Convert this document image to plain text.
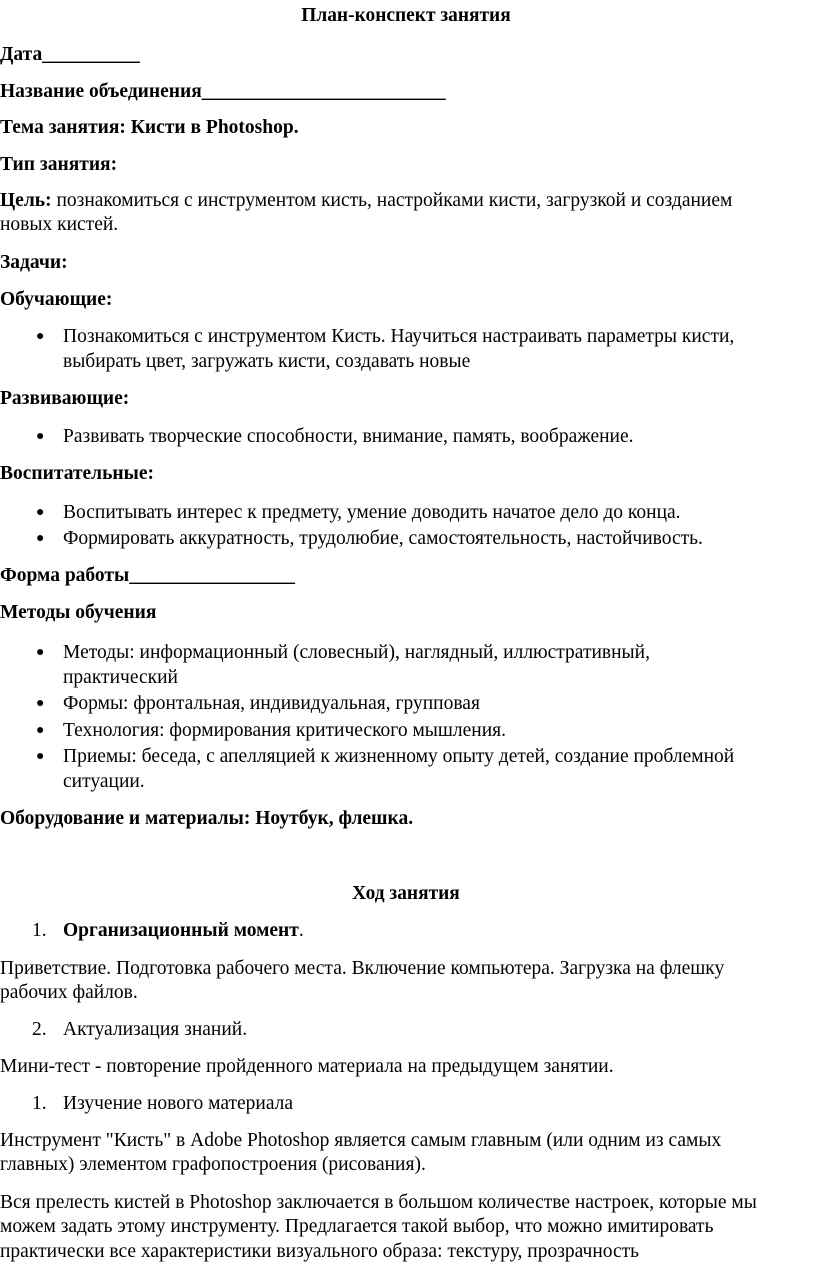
План-конспект занятия
Дата__________
Название объединения_________________________
Тема занятия: Кисти в Photoshop.
Тип занятия:
Цель: познакомиться с инструментом кисть, настройками кисти, загрузкой и созданием
новых кистей.
Задачи:
Обучающие:
● Познакомиться с инструментом Кисть. Научиться настраивать параметры кисти,
выбирать цвет, загружать кисти, создавать новые
Развивающие:
● Развивать творческие способности, внимание, память, воображение.
Воспитательные:
● Воспитывать интерес к предмету, умение доводить начатое дело до конца.
● Формировать аккуратность, трудолюбие, самостоятельность, настойчивость.
Форма работы_________________
Методы обучения
● Методы: информационный (словесный), наглядный, иллюстративный,
практический
● Формы: фронтальная, индивидуальная, групповая
● Технология: формирования критического мышления.
● Приемы: беседа, с апелляцией к жизненному опыту детей, создание проблемной
ситуации.
Оборудование и материалы: Ноутбук, флешка.
Ход занятия
1. Организационный момент.
Приветствие. Подготовка рабочего места. Включение компьютера. Загрузка на флешку
рабочих файлов.
2. Актуализация знаний.
Мини-тест - повторение пройденного материала на предыдущем занятии.
1. Изучение нового материала
Инструмент "Кисть" в Adobe Photoshop является самым главным (или одним из самых
главных) элементом графопостроения (рисования).
Вся прелесть кистей в Photoshop заключается в большом количестве настроек, которые мы
можем задать этому инструменту. Предлагается такой выбор, что можно имитировать
практически все характеристики визуального образа: текстуру, прозрачность
